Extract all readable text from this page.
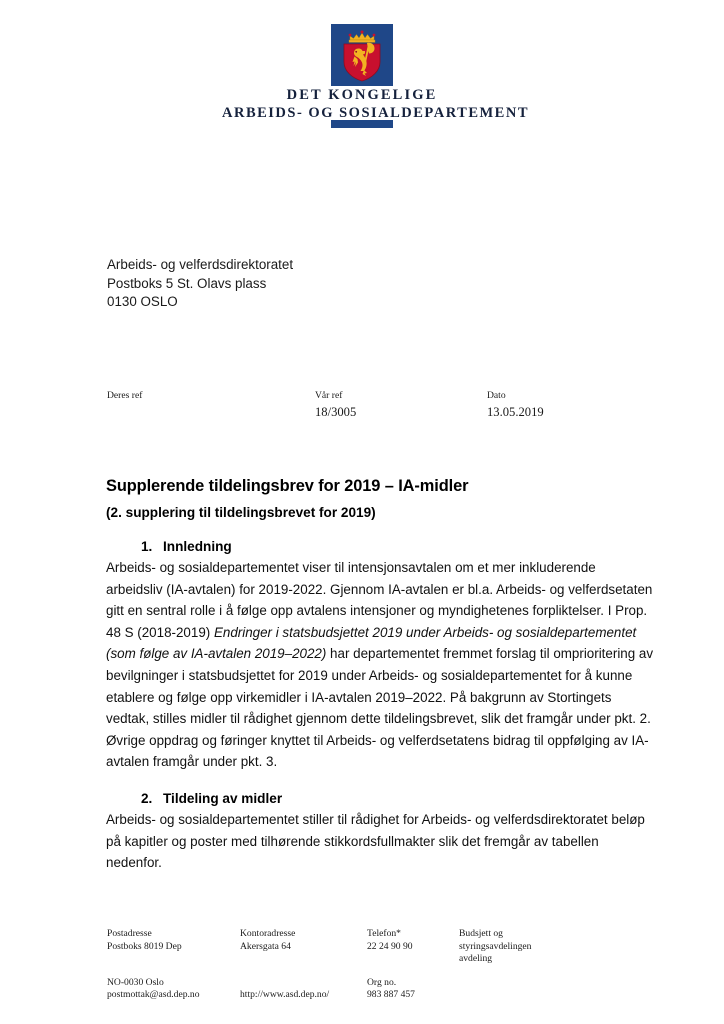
DET KONGELIGE
ARBEIDS- OG SOSIALDEPARTEMENT
Arbeids- og velferdsdirektoratet
Postboks 5 St. Olavs plass
0130 OSLO
Deres ref	Vår ref
18/3005
Dato
13.05.2019
Supplerende tildelingsbrev for 2019 – IA-midler
(2. supplering til tildelingsbrevet for 2019)

1. Innledning

Arbeids- og sosialdepartementet viser til intensjonsavtalen om et mer inkluderende arbeidsliv (IA-avtalen) for 2019-2022. Gjennom IA-avtalen er bl.a. Arbeids- og velferdsetaten gitt en sentral rolle i å følge opp avtalens intensjoner og myndighetenes forpliktelser. I Prop. 48 S (2018-2019) Endringer i statsbudsjettet 2019 under Arbeids- og sosialdepartementet (som følge av IA-avtalen 2019–2022) har departementet fremmet forslag til omprioritering av bevilgninger i statsbudsjettet for 2019 under Arbeids- og sosialdepartementet for å kunne etablere og følge opp virkemidler i IA-avtalen 2019–2022. På bakgrunn av Stortingets vedtak, stilles midler til rådighet gjennom dette tildelingsbrevet, slik det framgår under pkt. 2. Øvrige oppdrag og føringer knyttet til Arbeids- og velferdsetatens bidrag til oppfølging av IA-avtalen framgår under pkt. 3.

2. Tildeling av midler

Arbeids- og sosialdepartementet stiller til rådighet for Arbeids- og velferdsdirektoratet beløp på kapitler og poster med tilhørende stikkordsfullmakter slik det fremgår av tabellen nedenfor.

Postadresse
Postboks 8019 Dep
Kontoradresse
Akersgata 64
Telefon*
22 24 90 90
Budsjett og
styringsavdelingen
avdeling
NO-0030 Oslo
postmottak@asd.dep.no
	http://www.asd.dep.no/
Org no.
983 887 457
